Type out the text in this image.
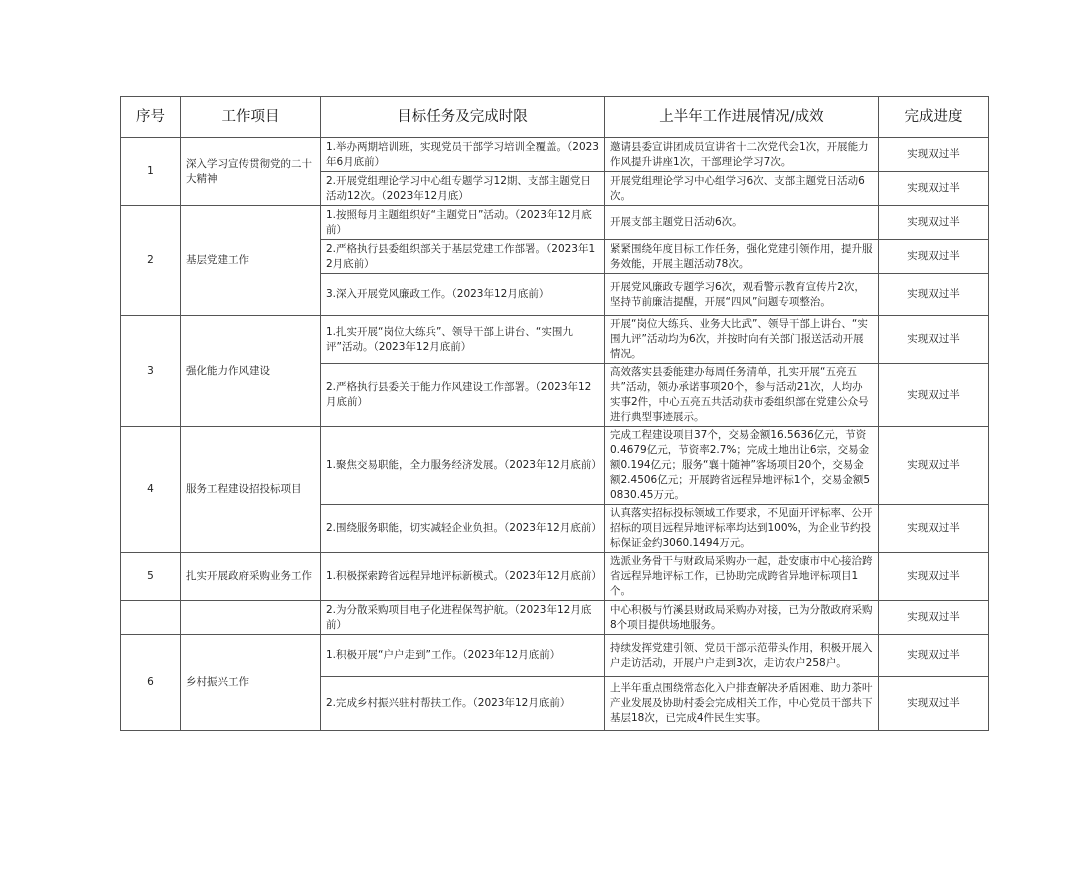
序号	工作项目	目标任务及完成时限	上半年工作进展情况/成效	完成进度
1	深入学习宣传贯彻党的二十大精神	1.举办两期培训班，实现党员干部学习培训全覆盖。（2023年6月底前）	邀请县委宣讲团成员宣讲省十二次党代会1次，开展能力作风提升讲座1次，干部理论学习7次。	实现双过半
		2.开展党组理论学习中心组专题学习12期、支部主题党日活动12次。（2023年12月底）	开展党组理论学习中心组学习6次、支部主题党日活动6次。	实现双过半
2	基层党建工作	1.按照每月主题组织好“主题党日”活动。（2023年12月底前）	开展支部主题党日活动6次。	实现双过半
		2.严格执行县委组织部关于基层党建工作部署。（2023年12月底前）	紧紧围绕年度目标工作任务，强化党建引领作用，提升服务效能，开展主题活动78次。	实现双过半
		3.深入开展党风廉政工作。（2023年12月底前）	开展党风廉政专题学习6次，观看警示教育宣传片2次，坚持节前廉洁提醒，开展“四风”问题专项整治。	实现双过半
3	强化能力作风建设	1.扎实开展“岗位大练兵”、领导干部上讲台、“实围九评”活动。（2023年12月底前）	开展“岗位大练兵、业务大比武”、领导干部上讲台、“实围九评”活动均为6次，并按时向有关部门报送活动开展情况。	实现双过半
		2.严格执行县委关于能力作风建设工作部署。（2023年12月底前）	高效落实县委能建办每周任务清单，扎实开展“五亮五共”活动，领办承诺事项20个，参与活动21次，人均办实事2件，中心五亮五共活动获市委组织部在党建公众号进行典型事迹展示。	实现双过半
4	服务工程建设招投标项目	1.聚焦交易职能，全力服务经济发展。（2023年12月底前）	完成工程建设项目37个，交易金额16.5636亿元，节资0.4679亿元，节资率2.7%；完成土地出让6宗，交易金额0.194亿元；服务“襄十随神”客场项目20个，交易金额2.4506亿元；开展跨省远程异地评标1个，交易金额50830.45万元。	实现双过半
		2.围绕服务职能，切实减轻企业负担。（2023年12月底前）	认真落实招标投标领域工作要求，不见面开评标率、公开招标的项目远程异地评标率均达到100%，为企业节约投标保证金约3060.1494万元。	实现双过半
5	扎实开展政府采购业务工作	1.积极探索跨省远程异地评标新模式。（2023年12月底前）	选派业务骨干与财政局采购办一起，赴安康市中心接洽跨省远程异地评标工作，已协助完成跨省异地评标项目1个。	实现双过半
		2.为分散采购项目电子化进程保驾护航。（2023年12月底前）	中心积极与竹溪县财政局采购办对接，已为分散政府采购8个项目提供场地服务。	实现双过半
6	乡村振兴工作	1.积极开展“户户走到”工作。（2023年12月底前）	持续发挥党建引领、党员干部示范带头作用，积极开展入户走访活动，开展户户走到3次，走访农户258户。	实现双过半
		2.完成乡村振兴驻村帮扶工作。（2023年12月底前）	上半年重点围绕常态化入户排查解决矛盾困难、助力茶叶产业发展及协助村委会完成相关工作，中心党员干部共下基层18次，已完成4件民生实事。	实现双过半
